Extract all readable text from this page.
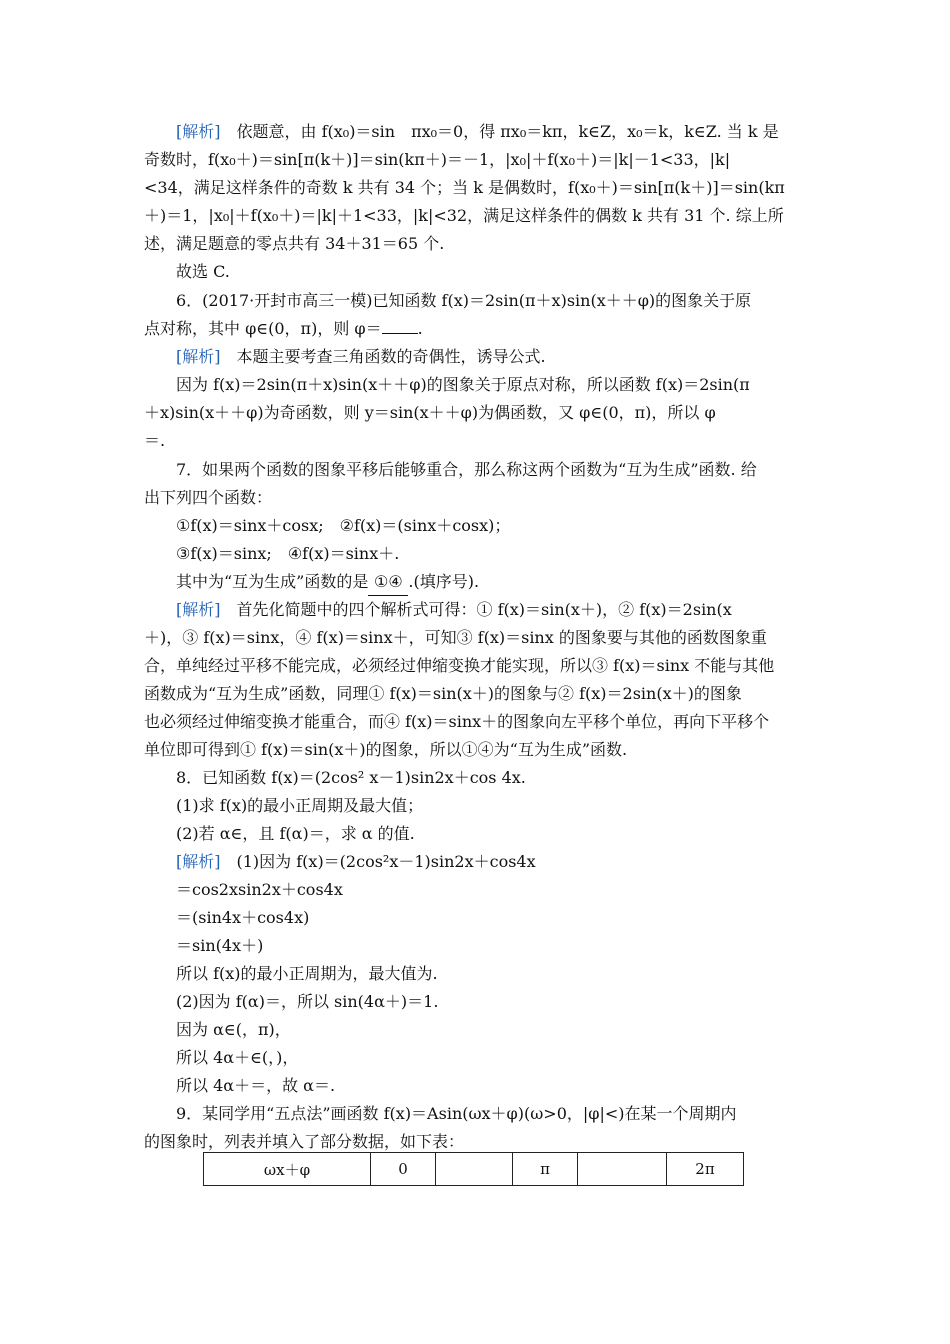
[解析]　依题意，由 f(x₀)＝sin　πx₀＝0，得 πx₀＝kπ，k∈Z，x₀＝k，k∈Z. 当 k 是
奇数时，f(x₀＋)＝sin[π(k＋)]＝sin(kπ＋)＝－1，|x₀|＋f(x₀＋)＝|k|－1<33，|k|
<34，满足这样条件的奇数 k 共有 34 个；当 k 是偶数时，f(x₀＋)＝sin[π(k＋)]＝sin(kπ
＋)＝1，|x₀|＋f(x₀＋)＝|k|＋1<33，|k|<32，满足这样条件的偶数 k 共有 31 个. 综上所
述，满足题意的零点共有 34＋31＝65 个.
故选 C.
6．(2017·开封市高三一模)已知函数 f(x)＝2sin(π＋x)sin(x＋＋φ)的图象关于原
点对称，其中 φ∈(0，π)，则 φ＝ .
[解析]　本题主要考查三角函数的奇偶性，诱导公式.
因为 f(x)＝2sin(π＋x)sin(x＋＋φ)的图象关于原点对称，所以函数 f(x)＝2sin(π
＋x)sin(x＋＋φ)为奇函数，则 y＝sin(x＋＋φ)为偶函数，又 φ∈(0，π)，所以 φ
＝.
7．如果两个函数的图象平移后能够重合，那么称这两个函数为“互为生成”函数. 给
出下列四个函数：
①f(x)＝sinx＋cosx;　②f(x)＝(sinx＋cosx)；
③f(x)＝sinx;　④f(x)＝sinx＋.
其中为“互为生成”函数的是 ①④ .(填序号).
[解析]　首先化简题中的四个解析式可得：① f(x)＝sin(x＋)，② f(x)＝2sin(x
＋)，③ f(x)＝sinx，④ f(x)＝sinx＋，可知③ f(x)＝sinx 的图象要与其他的函数图象重
合，单纯经过平移不能完成，必须经过伸缩变换才能实现，所以③ f(x)＝sinx 不能与其他
函数成为“互为生成”函数，同理① f(x)＝sin(x＋)的图象与② f(x)＝2sin(x＋)的图象
也必须经过伸缩变换才能重合，而④ f(x)＝sinx＋的图象向左平移个单位，再向下平移个
单位即可得到① f(x)＝sin(x＋)的图象，所以①④为“互为生成”函数.
8．已知函数 f(x)＝(2cos² x－1)sin2x＋cos 4x.
(1)求 f(x)的最小正周期及最大值；
(2)若 α∈，且 f(α)＝，求 α 的值.
[解析]　(1)因为 f(x)＝(2cos²x－1)sin2x＋cos4x
＝cos2xsin2x＋cos4x
＝(sin4x＋cos4x)
＝sin(4x＋)
所以 f(x)的最小正周期为，最大值为.
(2)因为 f(α)＝，所以 sin(4α＋)＝1.
因为 α∈(，π)，
所以 4α＋∈(，)，
所以 4α＋＝，故 α＝.
9．某同学用“五点法”画函数 f(x)＝Asin(ωx＋φ)(ω>0，|φ|<)在某一个周期内
的图象时，列表并填入了部分数据，如下表：
ωx＋φ	0		π		2π
